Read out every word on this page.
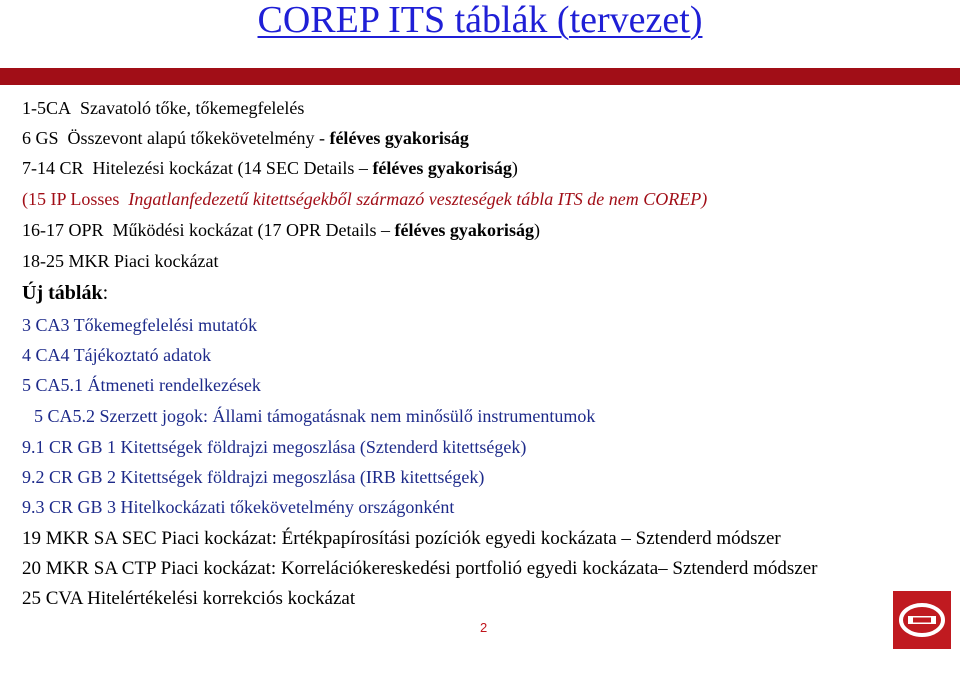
COREP ITS táblák (tervezet)
1-5CA Szavatoló tőke, tőkemegfelelés
6 GS Összevont alapú tőkekövetelmény - féléves gyakoriság
7-14 CR Hitelezési kockázat (14 SEC Details – féléves gyakoriság)
(15 IP Losses Ingatlanfedezetű kitettségekből származó veszteségek tábla ITS de nem COREP)
16-17 OPR Működési kockázat (17 OPR Details – féléves gyakoriság)
18-25 MKR Piaci kockázat
Új táblák:
3 CA3 Tőkemegfelelési mutatók
4 CA4 Tájékoztató adatok
5 CA5.1 Átmeneti rendelkezések
5 CA5.2 Szerzett jogok: Állami támogatásnak nem minősülő instrumentumok
9.1 CR GB 1 Kitettségek földrajzi megoszlása (Sztenderd kitettségek)
9.2 CR GB 2 Kitettségek földrajzi megoszlása (IRB kitettségek)
9.3 CR GB 3 Hitelkockázati tőkekövetelmény országonként
19 MKR SA SEC Piaci kockázat: Értékpapírosítási pozíciók egyedi kockázata – Sztenderd módszer
20 MKR SA CTP Piaci kockázat: Korrelációkereskedési portfolió egyedi kockázata– Sztenderd módszer
25 CVA Hitelértékelési korrekciós kockázat
2
